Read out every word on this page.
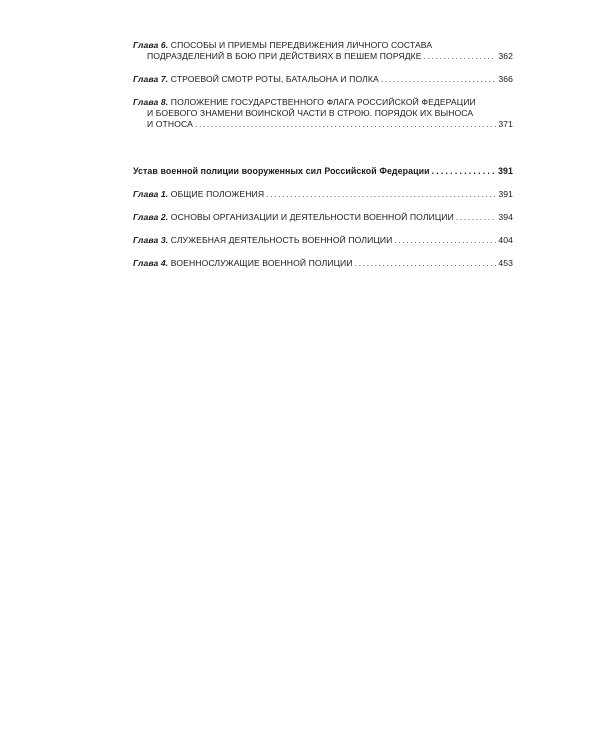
Глава 6. СПОСОБЫ И ПРИЕМЫ ПЕРЕДВИЖЕНИЯ ЛИЧНОГО СОСТАВА
ПОДРАЗДЕЛЕНИЙ В БОЮ ПРИ ДЕЙСТВИЯХ В ПЕШЕМ ПОРЯДКЕ .....	362
Глава 7. СТРОЕВОЙ СМОТР РОТЫ, БАТАЛЬОНА И ПОЛКА .....	366
Глава 8. ПОЛОЖЕНИЕ ГОСУДАРСТВЕННОГО ФЛАГА РОССИЙСКОЙ ФЕДЕРАЦИИ
И БОЕВОГО ЗНАМЕНИ ВОИНСКОЙ ЧАСТИ В СТРОЮ. ПОРЯДОК ИХ ВЫНОСА
И ОТНОСА .....	371
Устав военной полиции вооруженных сил Российской Федерации .....	391
Глава 1. ОБЩИЕ ПОЛОЖЕНИЯ .....	391
Глава 2. ОСНОВЫ ОРГАНИЗАЦИИ И ДЕЯТЕЛЬНОСТИ ВОЕННОЙ ПОЛИЦИИ .....	394
Глава 3. СЛУЖЕБНАЯ ДЕЯТЕЛЬНОСТЬ ВОЕННОЙ ПОЛИЦИИ .....	404
Глава 4. ВОЕННОСЛУЖАЩИЕ ВОЕННОЙ ПОЛИЦИИ .....	453
